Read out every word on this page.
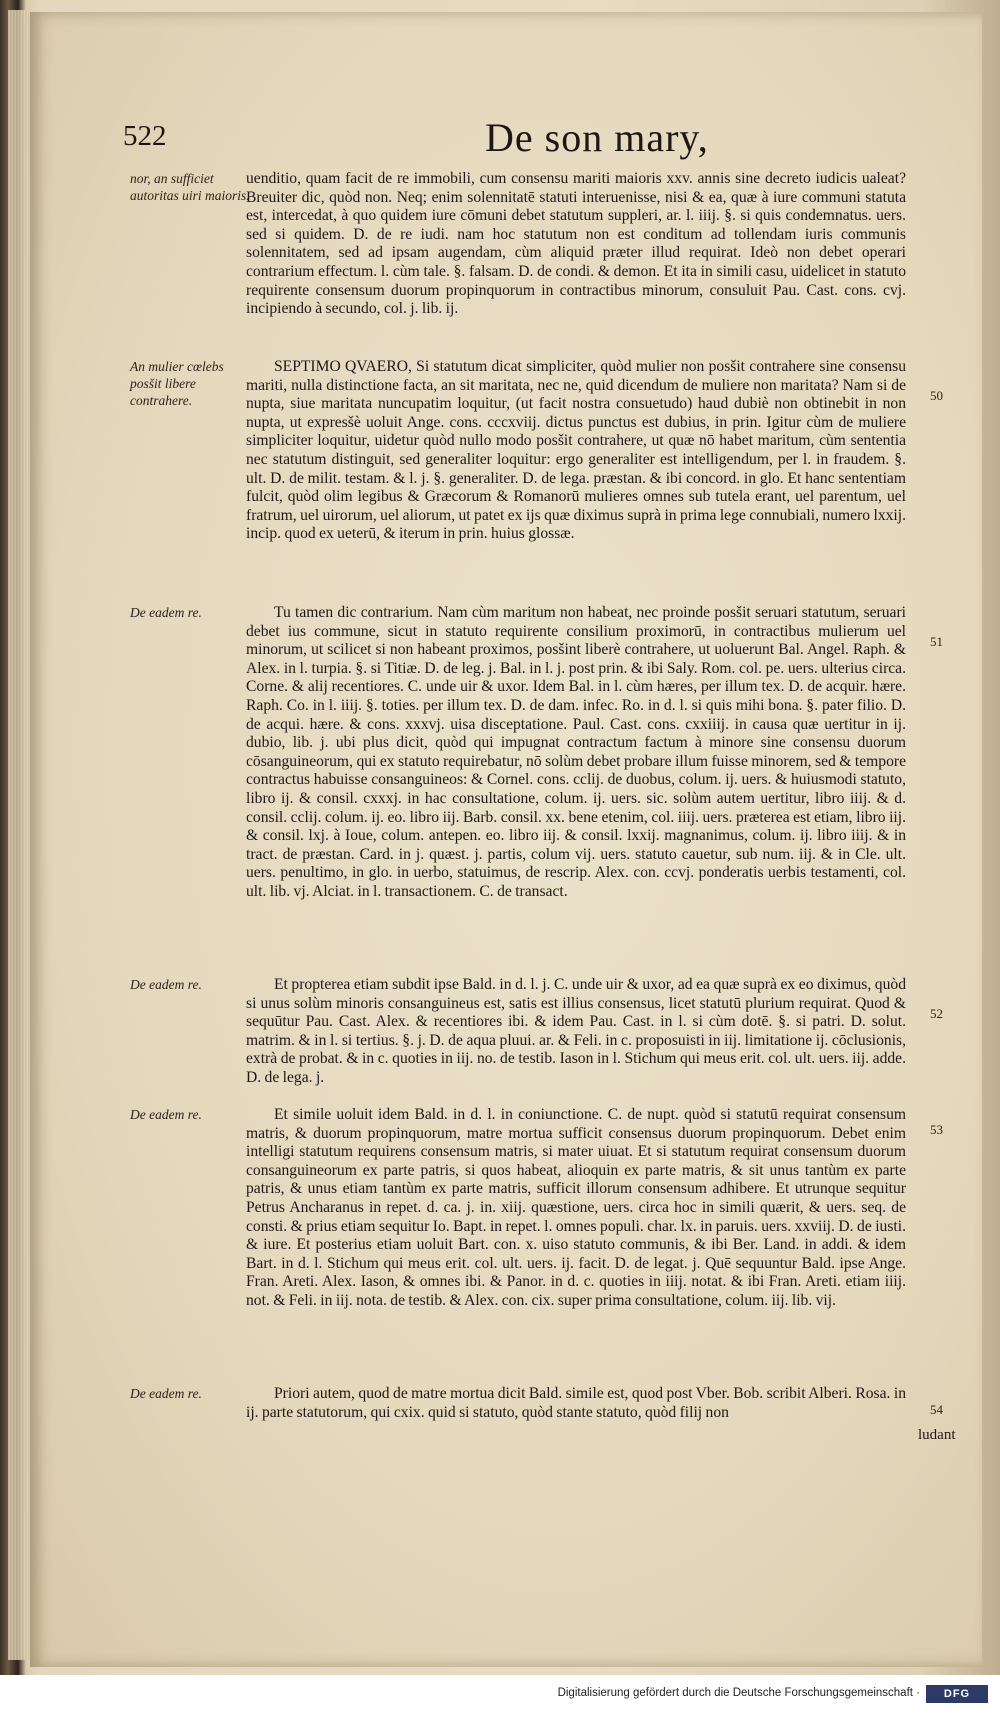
522	De son mary,
nor, an sufficiet autoritas uiri maioris.
uenditio, quam facit de re immobili, cum consensu mariti maioris xxv. annis sine decreto iudicis ualeat? Breuiter dic, quòd non. Neq; enim solennitatē statuti interuenisse, nisi & ea, quæ à iure communi statuta est, intercedat, à quo quidem iure cōmuni debet statutum suppleri, ar. l. iiij. §. si quis condemnatus. uers. sed si quidem. D. de re iudi. nam hoc statutum non est conditum ad tollendam iuris communis solennitatem, sed ad ipsam augendam, cùm aliquid præter illud requirat. Ideò non debet operari contrarium effectum. l. cùm tale. §. falsam. D. de condi. & demon. Et ita in simili casu, uidelicet in statuto requirente consensum duorum propinquorum in contractibus minorum, consuluit Pau. Cast. cons. cvj. incipiendo à secundo, col. j. lib. ij.
An mulier cœlebs posšit libere contrahere.	50
SEPTIMO QVAERO, Si statutum dicat simpliciter, quòd mulier non posšit contrahere sine consensu mariti, nulla distinctione facta, an sit maritata, nec ne, quid dicendum de muliere non maritata? Nam si de nupta, siue maritata nuncupatim loquitur, (ut facit nostra consuetudo) haud dubiè non obtinebit in non nupta, ut expresšè uoluit Ange. cons. cccxviij. dictus punctus est dubius, in prin. Igitur cùm de muliere simpliciter loquitur, uidetur quòd nullo modo posšit contrahere, ut quæ nō habet maritum, cùm sententia nec statutum distinguit, sed generaliter loquitur: ergo generaliter est intelligendum, per l. in fraudem. §. ult. D. de milit. testam. & l. j. §. generaliter. D. de lega. præstan. & ibi concord. in glo. Et hanc sententiam fulcit, quòd olim legibus & Græcorum & Romanorū mulieres omnes sub tutela erant, uel parentum, uel fratrum, uel uirorum, uel aliorum, ut patet ex ijs quæ diximus suprà in prima lege connubiali, numero lxxij. incip. quod ex ueterū, & iterum in prin. huius glossæ.
De eadem re.
51
Tu tamen dic contrarium. Nam cùm maritum non habeat, nec proinde posšit seruari statutum, seruari debet ius commune, sicut in statuto requirente consilium proximorū, in contractibus mulierum uel minorum, ut scilicet si non habeant proximos, posšint liberè contrahere, ut uoluerunt Bal. Angel. Raph. & Alex. in l. turpia. §. si Titiæ. D. de leg. j. Bal. in l. j. post prin. & ibi Saly. Rom. col. pe. uers. ulterius circa. Corne. & alij recentiores. C. unde uir & uxor. Idem Bal. in l. cùm hæres, per illum tex. D. de acquir. hære. Raph. Co. in l. iiij. §. toties. per illum tex. D. de dam. infec. Ro. in d. l. si quis mihi bona. §. pater filio. D. de acqui. hære. & cons. xxxvj. uisa disceptatione. Paul. Cast. cons. cxxiiij. in causa quæ uertitur in ij. dubio, lib. j. ubi plus dicit, quòd qui impugnat contractum factum à minore sine consensu duorum cōsanguineorum, qui ex statuto requirebatur, nō solùm debet probare illum fuisse minorem, sed & tempore contractus habuisse consanguineos: & Cornel. cons. cclij. de duobus, colum. ij. uers. & huiusmodi statuto, libro ij. & consil. cxxxj. in hac consultatione, colum. ij. uers. sic. solùm autem uertitur, libro iiij. & d. consil. cclij. colum. ij. eo. libro iij. Barb. consil. xx. bene etenim, col. iiij. uers. præterea est etiam, libro iij. & consil. lxj. à Ioue, colum. antepen. eo. libro iij. & consil. lxxij. magnanimus, colum. ij. libro iiij. & in tract. de præstan. Card. in j. quæst. j. partis, colum vij. uers. statuto cauetur, sub num. iij. & in Cle. ult. uers. penultimo, in glo. in uerbo, statuimus, de rescrip. Alex. con. ccvj. ponderatis uerbis testamenti, col. ult. lib. vj. Alciat. in l. transactionem. C. de transact.
De eadem re.
52
Et propterea etiam subdit ipse Bald. in d. l. j. C. unde uir & uxor, ad ea quæ suprà ex eo diximus, quòd si unus solùm minoris consanguineus est, satis est illius consensus, licet statutū plurium requirat. Quod & sequūtur Pau. Cast. Alex. & recentiores ibi. & idem Pau. Cast. in l. si cùm dotē. §. si patri. D. solut. matrim. & in l. si tertius. §. j. D. de aqua pluui. ar. & Feli. in c. proposuisti in iij. limitatione ij. cōclusionis, extrà de probat. & in c. quoties in iij. no. de testib. Iason in l. Stichum qui meus erit. col. ult. uers. iij. adde. D. de lega. j.
De eadem re.
53
Et simile uoluit idem Bald. in d. l. in coniunctione. C. de nupt. quòd si statutū requirat consensum matris, & duorum propinquorum, matre mortua sufficit consensus duorum propinquorum. Debet enim intelligi statutum requirens consensum matris, si mater uiuat. Et si statutum requirat consensum duorum consanguineorum ex parte patris, si quos habeat, alioquin ex parte matris, & sit unus tantùm ex parte patris, & unus etiam tantùm ex parte matris, sufficit illorum consensum adhibere. Et utrunque sequitur Petrus Ancharanus in repet. d. ca. j. in. xiij. quæstione, uers. circa hoc in simili quærit, & uers. seq. de consti. & prius etiam sequitur Io. Bapt. in repet. l. omnes populi. char. lx. in paruis. uers. xxviij. D. de iusti. & iure. Et posterius etiam uoluit Bart. con. x. uiso statuto communis, & ibi Ber. Land. in addi. & idem Bart. in d. l. Stichum qui meus erit. col. ult. uers. ij. facit. D. de legat. j. Quē sequuntur Bald. ipse Ange. Fran. Areti. Alex. Iason, & omnes ibi. & Panor. in d. c. quoties in iiij. notat. & ibi Fran. Areti. etiam iiij. not. & Feli. in iij. nota. de testib. & Alex. con. cix. super prima consultatione, colum. iij. lib. vij.
De eadem re.
54
Priori autem, quod de matre mortua dicit Bald. simile est, quod post Vber. Bob. scribit Alberi. Rosa. in ij. parte statutorum, qui cxix. quid si statuto, quòd stante statuto, quòd filij non
ludant
Digitalisierung gefördert durch die Deutsche Forschungsgemeinschaft ·	DFG
